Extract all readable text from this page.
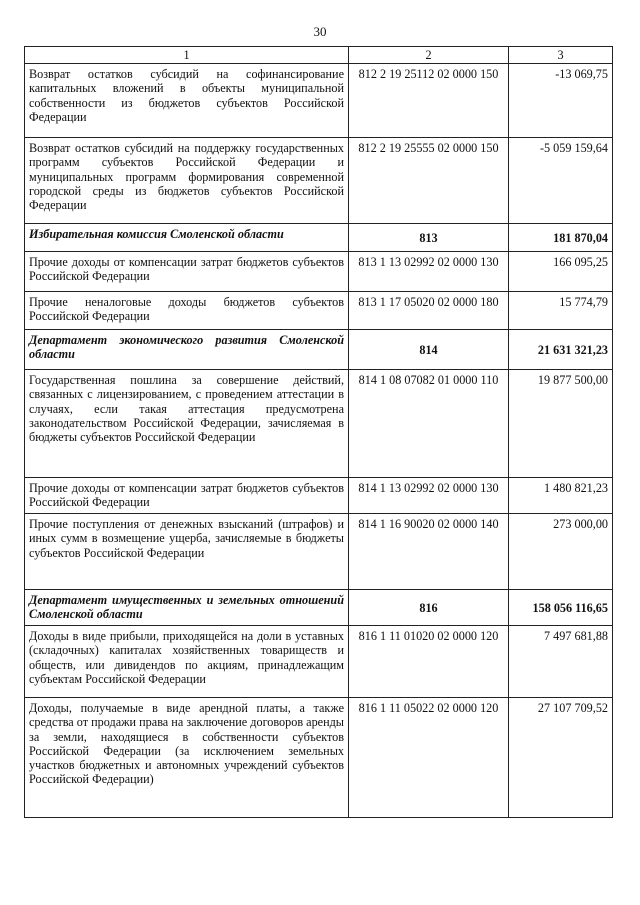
30
1	2	3
Возврат остатков субсидий на софинансирование капитальных вложений в объекты муниципальной собственности из бюджетов субъектов Российской Федерации	812 2 19 25112 02 0000 150	-13 069,75
Возврат остатков субсидий на поддержку государственных программ субъектов Российской Федерации и муниципальных программ формирования современной городской среды из бюджетов субъектов Российской Федерации	812 2 19 25555 02 0000 150	-5 059 159,64
Избирательная комиссия Смоленской области	813	181 870,04
Прочие доходы от компенсации затрат бюджетов субъектов Российской Федерации	813 1 13 02992 02 0000 130	166 095,25
Прочие неналоговые доходы бюджетов субъектов Российской Федерации	813 1 17 05020 02 0000 180	15 774,79
Департамент экономического развития Смоленской области	814	21 631 321,23
Государственная пошлина за совершение действий, связанных с лицензированием, с проведением аттестации в случаях, если такая аттестация предусмотрена законодательством Российской Федерации, зачисляемая в бюджеты субъектов Российской Федерации	814 1 08 07082 01 0000 110	19 877 500,00
Прочие доходы от компенсации затрат бюджетов субъектов Российской Федерации	814 1 13 02992 02 0000 130	1 480 821,23
Прочие поступления от денежных взысканий (штрафов) и иных сумм в возмещение ущерба, зачисляемые в бюджеты субъектов Российской Федерации	814 1 16 90020 02 0000 140	273 000,00
Департамент имущественных и земельных отношений Смоленской области	816	158 056 116,65
Доходы в виде прибыли, приходящейся на доли в уставных (складочных) капиталах хозяйственных товариществ и обществ, или дивидендов по акциям, принадлежащим субъектам Российской Федерации	816 1 11 01020 02 0000 120	7 497 681,88
Доходы, получаемые в виде арендной платы, а также средства от продажи права на заключение договоров аренды за земли, находящиеся в собственности субъектов Российской Федерации (за исключением земельных участков бюджетных и автономных учреждений субъектов Российской Федерации)	816 1 11 05022 02 0000 120	27 107 709,52
